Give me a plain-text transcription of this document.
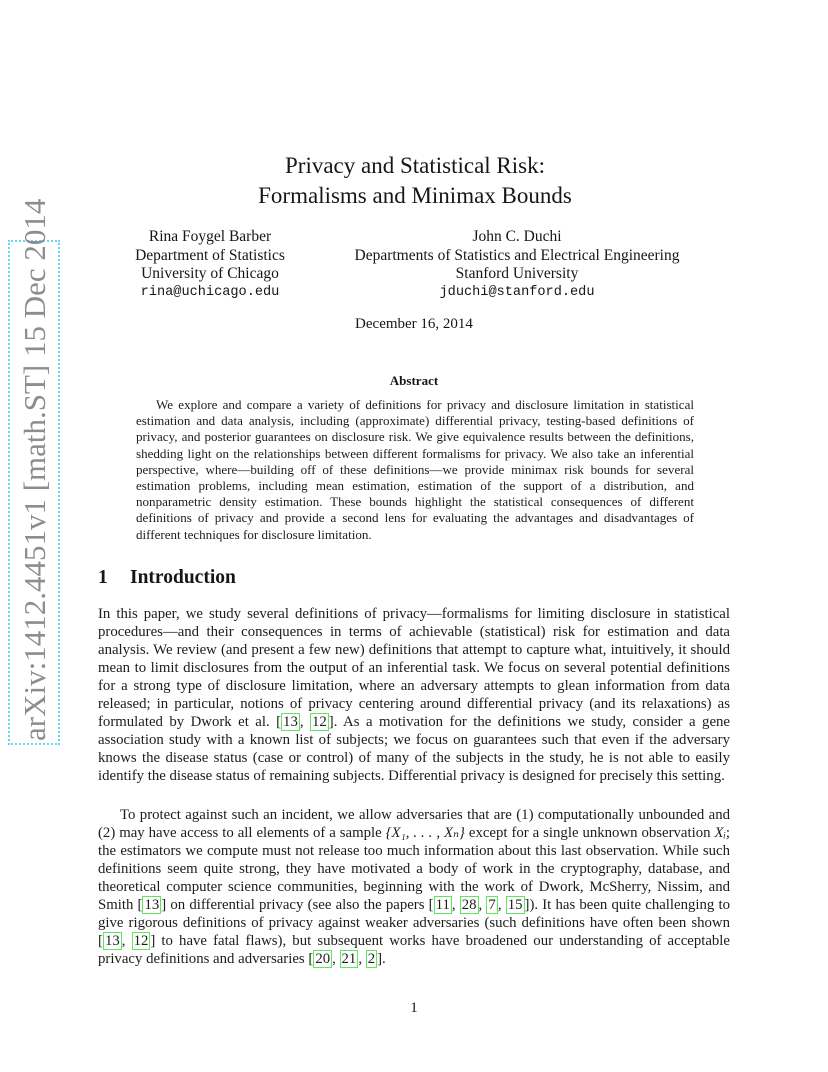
arXiv:1412.4451v1 [math.ST] 15 Dec 2014
Privacy and Statistical Risk:
Formalisms and Minimax Bounds
Rina Foygel Barber
Department of Statistics
University of Chicago
rina@uchicago.edu
John C. Duchi
Departments of Statistics and Electrical Engineering
Stanford University
jduchi@stanford.edu
December 16, 2014
Abstract

We explore and compare a variety of definitions for privacy and disclosure limitation in statistical estimation and data analysis, including (approximate) differential privacy, testing-based definitions of privacy, and posterior guarantees on disclosure risk. We give equivalence results between the definitions, shedding light on the relationships between different formalisms for privacy. We also take an inferential perspective, where—building off of these definitions—we provide minimax risk bounds for several estimation problems, including mean estimation, estimation of the support of a distribution, and nonparametric density estimation. These bounds highlight the statistical consequences of different definitions of privacy and provide a second lens for evaluating the advantages and disadvantages of different techniques for disclosure limitation.

1 Introduction

In this paper, we study several definitions of privacy—formalisms for limiting disclosure in statistical procedures—and their consequences in terms of achievable (statistical) risk for estimation and data analysis. We review (and present a few new) definitions that attempt to capture what, intuitively, it should mean to limit disclosures from the output of an inferential task. We focus on several potential definitions for a strong type of disclosure limitation, where an adversary attempts to glean information from data released; in particular, notions of privacy centering around differential privacy (and its relaxations) as formulated by Dwork et al. [ 13 , 12 ]. As a motivation for the definitions we study, consider a gene association study with a known list of subjects; we focus on guarantees such that even if the adversary knows the disease status (case or control) of many of the subjects in the study, he is not able to easily identify the disease status of remaining subjects. Differential privacy is designed for precisely this setting.

To protect against such an incident, we allow adversaries that are (1) computationally unbounded and (2) may have access to all elements of a sample {X₁, . . . , Xₙ} except for a single unknown observation Xᵢ; the estimators we compute must not release too much information about this last observation. While such definitions seem quite strong, they have motivated a body of work in the cryptography, database, and theoretical computer science communities, beginning with the work of Dwork, McSherry, Nissim, and Smith [ 13 ] on differential privacy (see also the papers [ 11 , 28 , 7 , 15 ]). It has been quite challenging to give rigorous definitions of privacy against weaker adversaries (such definitions have often been shown [ 13 , 12 ] to have fatal flaws), but subsequent works have broadened our understanding of acceptable privacy definitions and adversaries [ 20 , 21 , 2 ].

1
